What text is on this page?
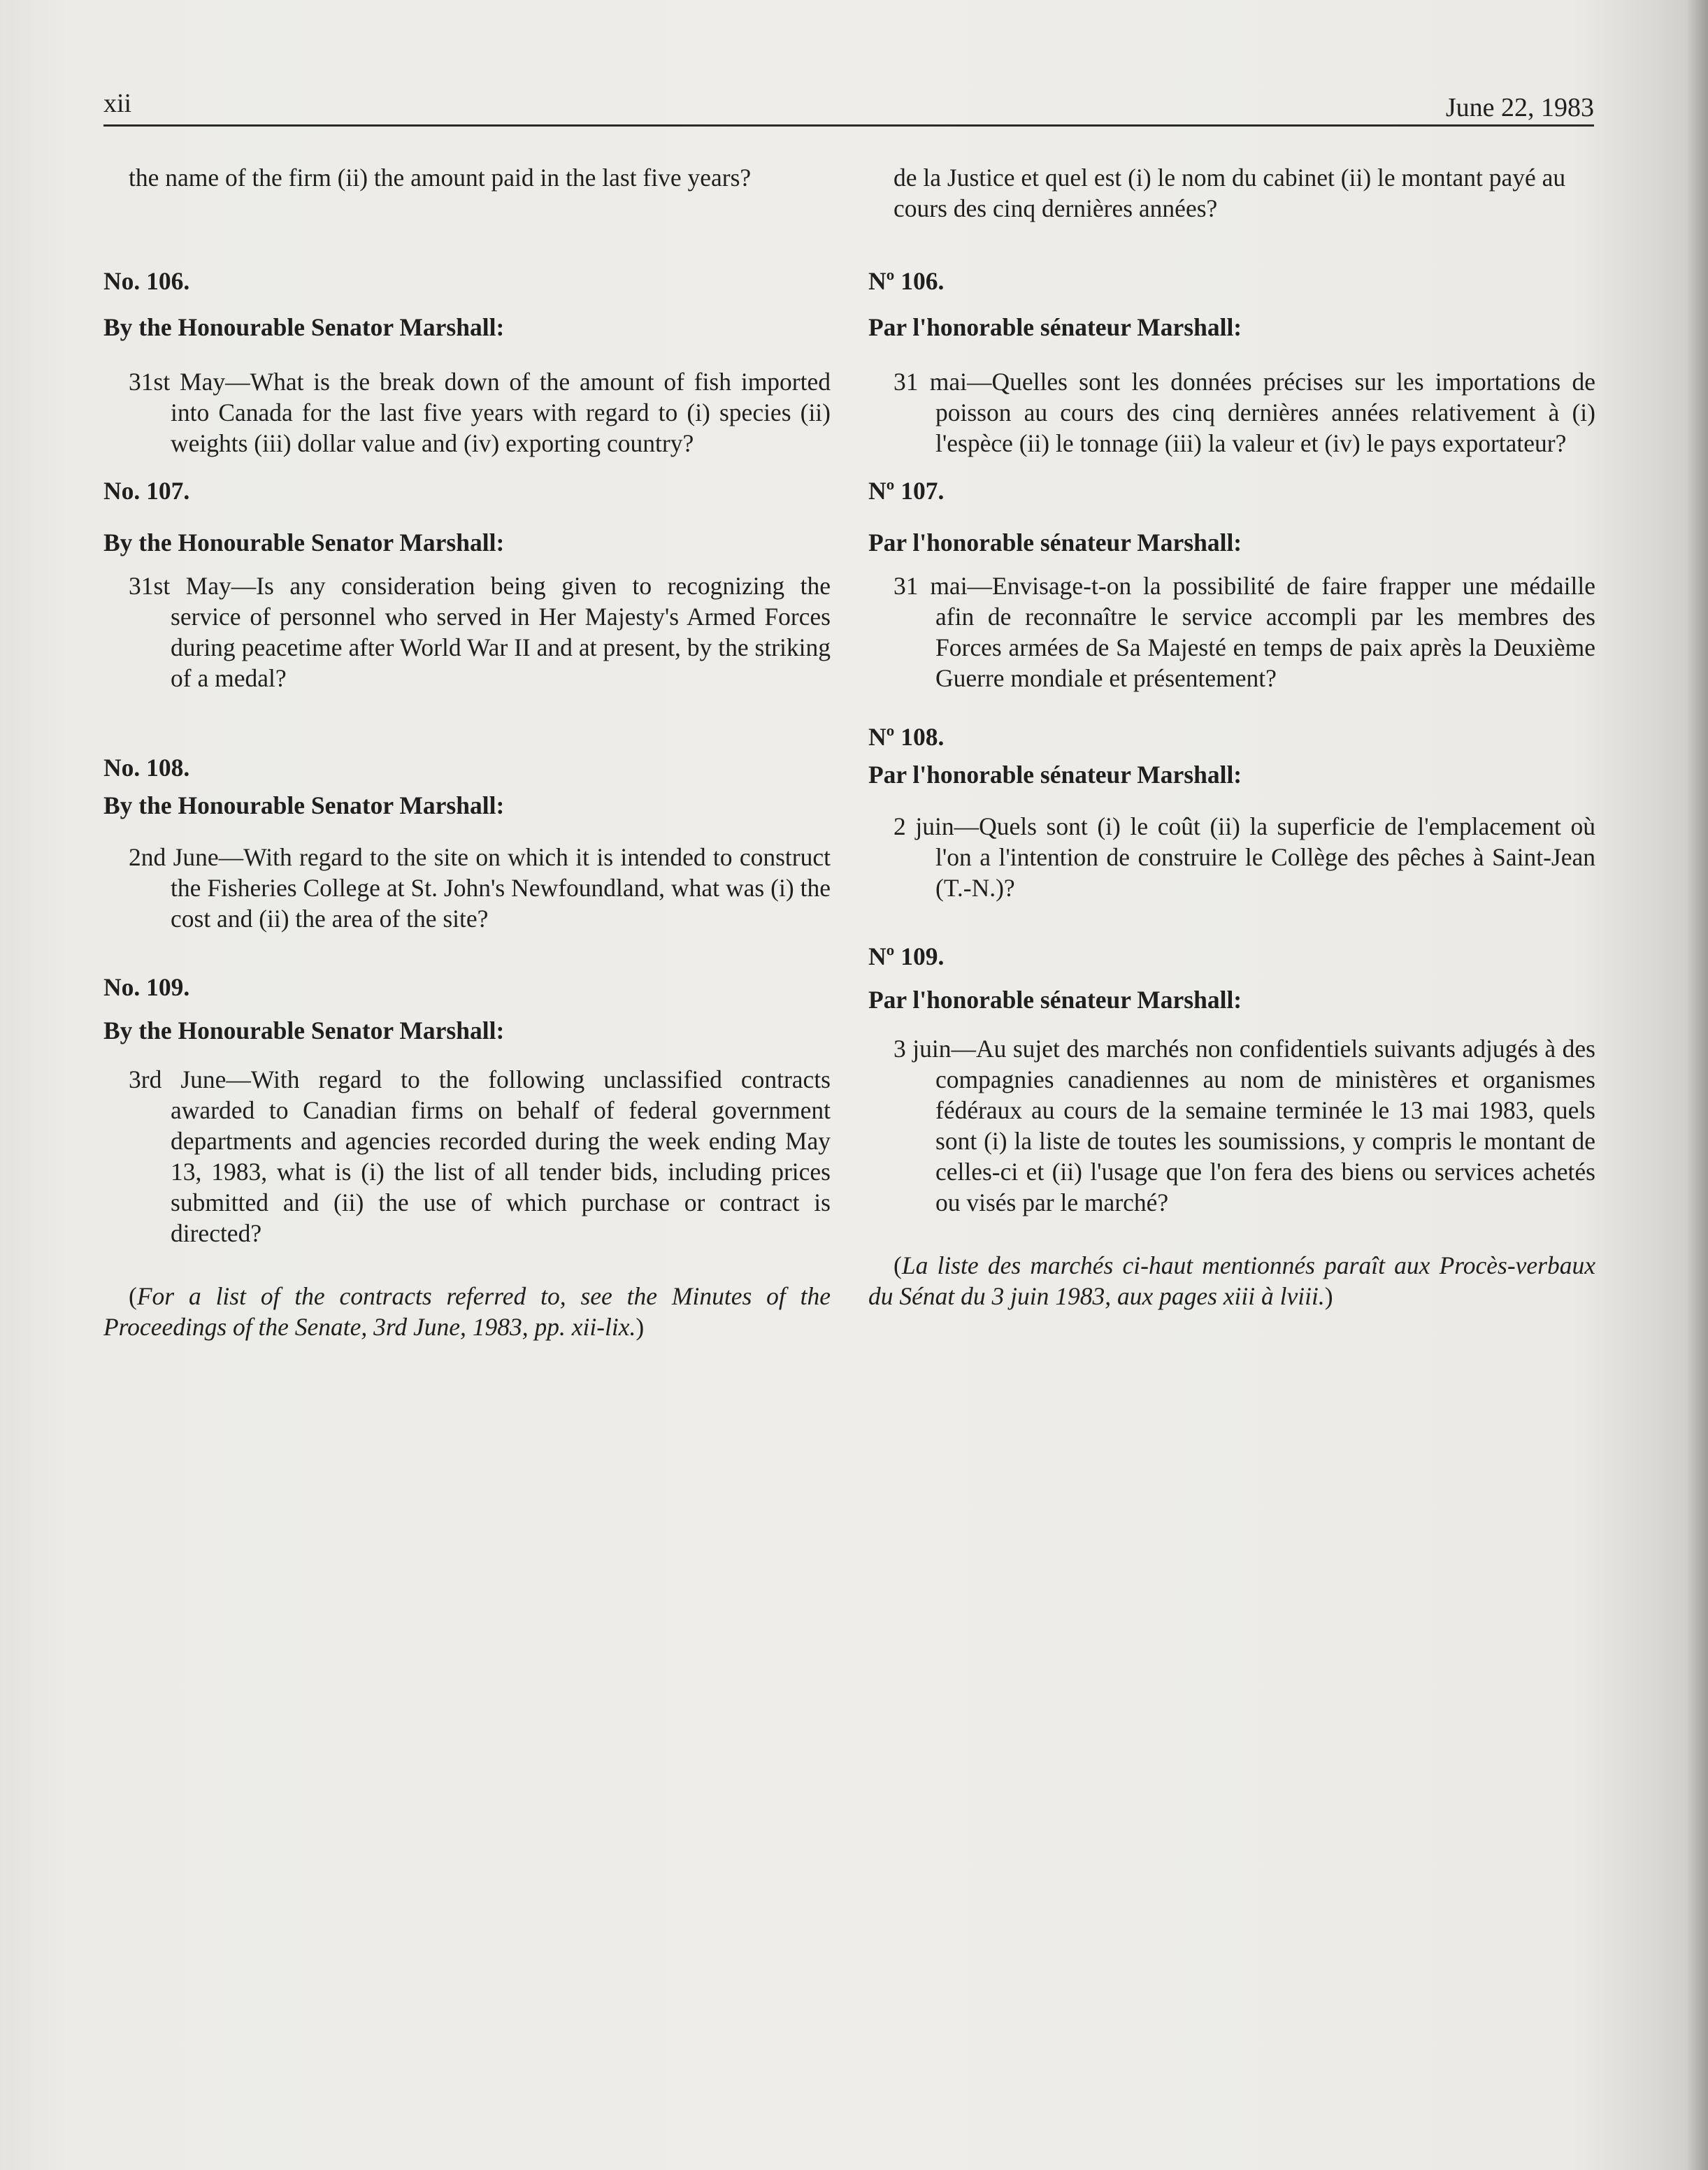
xii	June 22, 1983

the name of the firm (ii) the amount paid in the last five years?

No. 106.

By the Honourable Senator Marshall:

31st May—What is the break down of the amount of fish imported into Canada for the last five years with regard to (i) species (ii) weights (iii) dollar value and (iv) exporting country?

No. 107.

By the Honourable Senator Marshall:

31st May—Is any consideration being given to recognizing the service of personnel who served in Her Majesty's Armed Forces during peacetime after World War II and at present, by the striking of a medal?

No. 108.

By the Honourable Senator Marshall:

2nd June—With regard to the site on which it is intended to construct the Fisheries College at St. John's Newfoundland, what was (i) the cost and (ii) the area of the site?

No. 109.

By the Honourable Senator Marshall:

3rd June—With regard to the following unclassified contracts awarded to Canadian firms on behalf of federal government departments and agencies recorded during the week ending May 13, 1983, what is (i) the list of all tender bids, including prices submitted and (ii) the use of which purchase or contract is directed?

(For a list of the contracts referred to, see the Minutes of the Proceedings of the Senate, 3rd June, 1983, pp. xii-lix.)

de la Justice et quel est (i) le nom du cabinet (ii) le montant payé au cours des cinq dernières années?

Nº 106.

Par l'honorable sénateur Marshall:

31 mai—Quelles sont les données précises sur les importations de poisson au cours des cinq dernières années relativement à (i) l'espèce (ii) le tonnage (iii) la valeur et (iv) le pays exportateur?

Nº 107.

Par l'honorable sénateur Marshall:

31 mai—Envisage-t-on la possibilité de faire frapper une médaille afin de reconnaître le service accompli par les membres des Forces armées de Sa Majesté en temps de paix après la Deuxième Guerre mondiale et présentement?

Nº 108.

Par l'honorable sénateur Marshall:

2 juin—Quels sont (i) le coût (ii) la superficie de l'emplacement où l'on a l'intention de construire le Collège des pêches à Saint-Jean (T.-N.)?

Nº 109.

Par l'honorable sénateur Marshall:

3 juin—Au sujet des marchés non confidentiels suivants adjugés à des compagnies canadiennes au nom de ministères et organismes fédéraux au cours de la semaine terminée le 13 mai 1983, quels sont (i) la liste de toutes les soumissions, y compris le montant de celles-ci et (ii) l'usage que l'on fera des biens ou services achetés ou visés par le marché?

(La liste des marchés ci-haut mentionnés paraît aux Procès-verbaux du Sénat du 3 juin 1983, aux pages xiii à lviii.)
